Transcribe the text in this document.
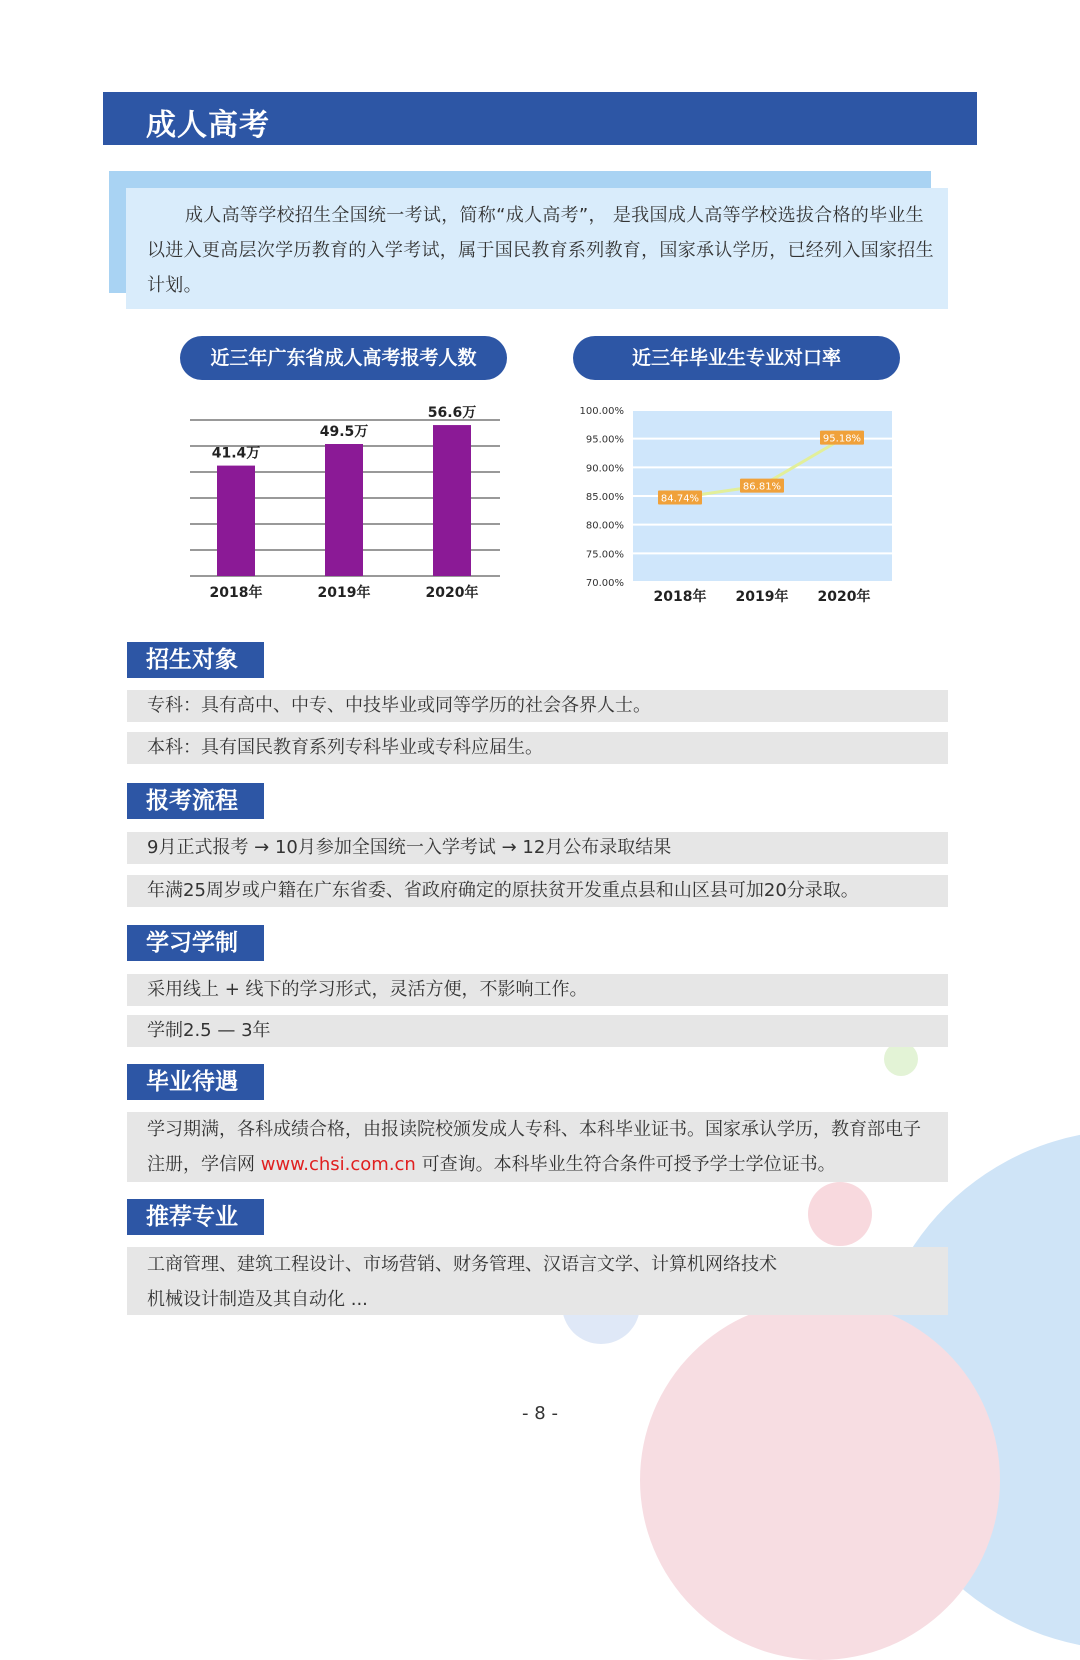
成人高考
成人高等学校招生全国统一考试，简称“成人高考”， 是我国成人高等学校选拔合格的毕业生以进入更高层次学历教育的入学考试，属于国民教育系列教育，国家承认学历，已经列入国家招生计划。
近三年广东省成人高考报考人数
41.4万
2018年
49.5万
2019年
56.6万
2020年
近三年毕业生专业对口率
100.00%
95.00%
90.00%
85.00%
80.00%
75.00%
70.00%
84.74%
2018年
86.81%
2019年
95.18%
2020年
招生对象
专科：具有高中、中专、中技毕业或同等学历的社会各界人士。
本科：具有国民教育系列专科毕业或专科应届生。
报考流程
9月正式报考 → 10月参加全国统一入学考试 → 12月公布录取结果
年满25周岁或户籍在广东省委、省政府确定的原扶贫开发重点县和山区县可加20分录取。
学习学制
采用线上 + 线下的学习形式，灵活方便，不影响工作。
学制2.5 — 3年
毕业待遇
学习期满，各科成绩合格，由报读院校颁发成人专科、本科毕业证书。国家承认学历，教育部电子注册，学信网 www.chsi.com.cn 可查询。本科毕业生符合条件可授予学士学位证书。
推荐专业
工商管理、建筑工程设计、市场营销、财务管理、汉语言文学、计算机网络技术
机械设计制造及其自动化 ...
- 8 -
